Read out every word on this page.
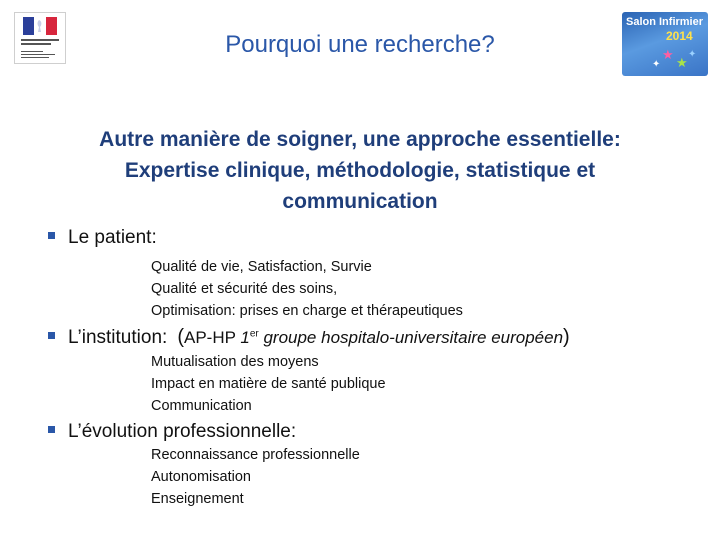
Pourquoi une recherche?
Salon Infirmier
2014
★
★
✦
✦
Autre manière de soigner, une approche essentielle:
Expertise clinique, méthodologie, statistique et
communication
Le patient:
Qualité de vie, Satisfaction, Survie
Qualité et sécurité des soins,
Optimisation: prises en charge et thérapeutiques
L’institution: (AP-HP 1er groupe hospitalo-universitaire européen)
Mutualisation des moyens
Impact en matière de santé publique
Communication
L’évolution professionnelle:
Reconnaissance professionnelle
Autonomisation
Enseignement
